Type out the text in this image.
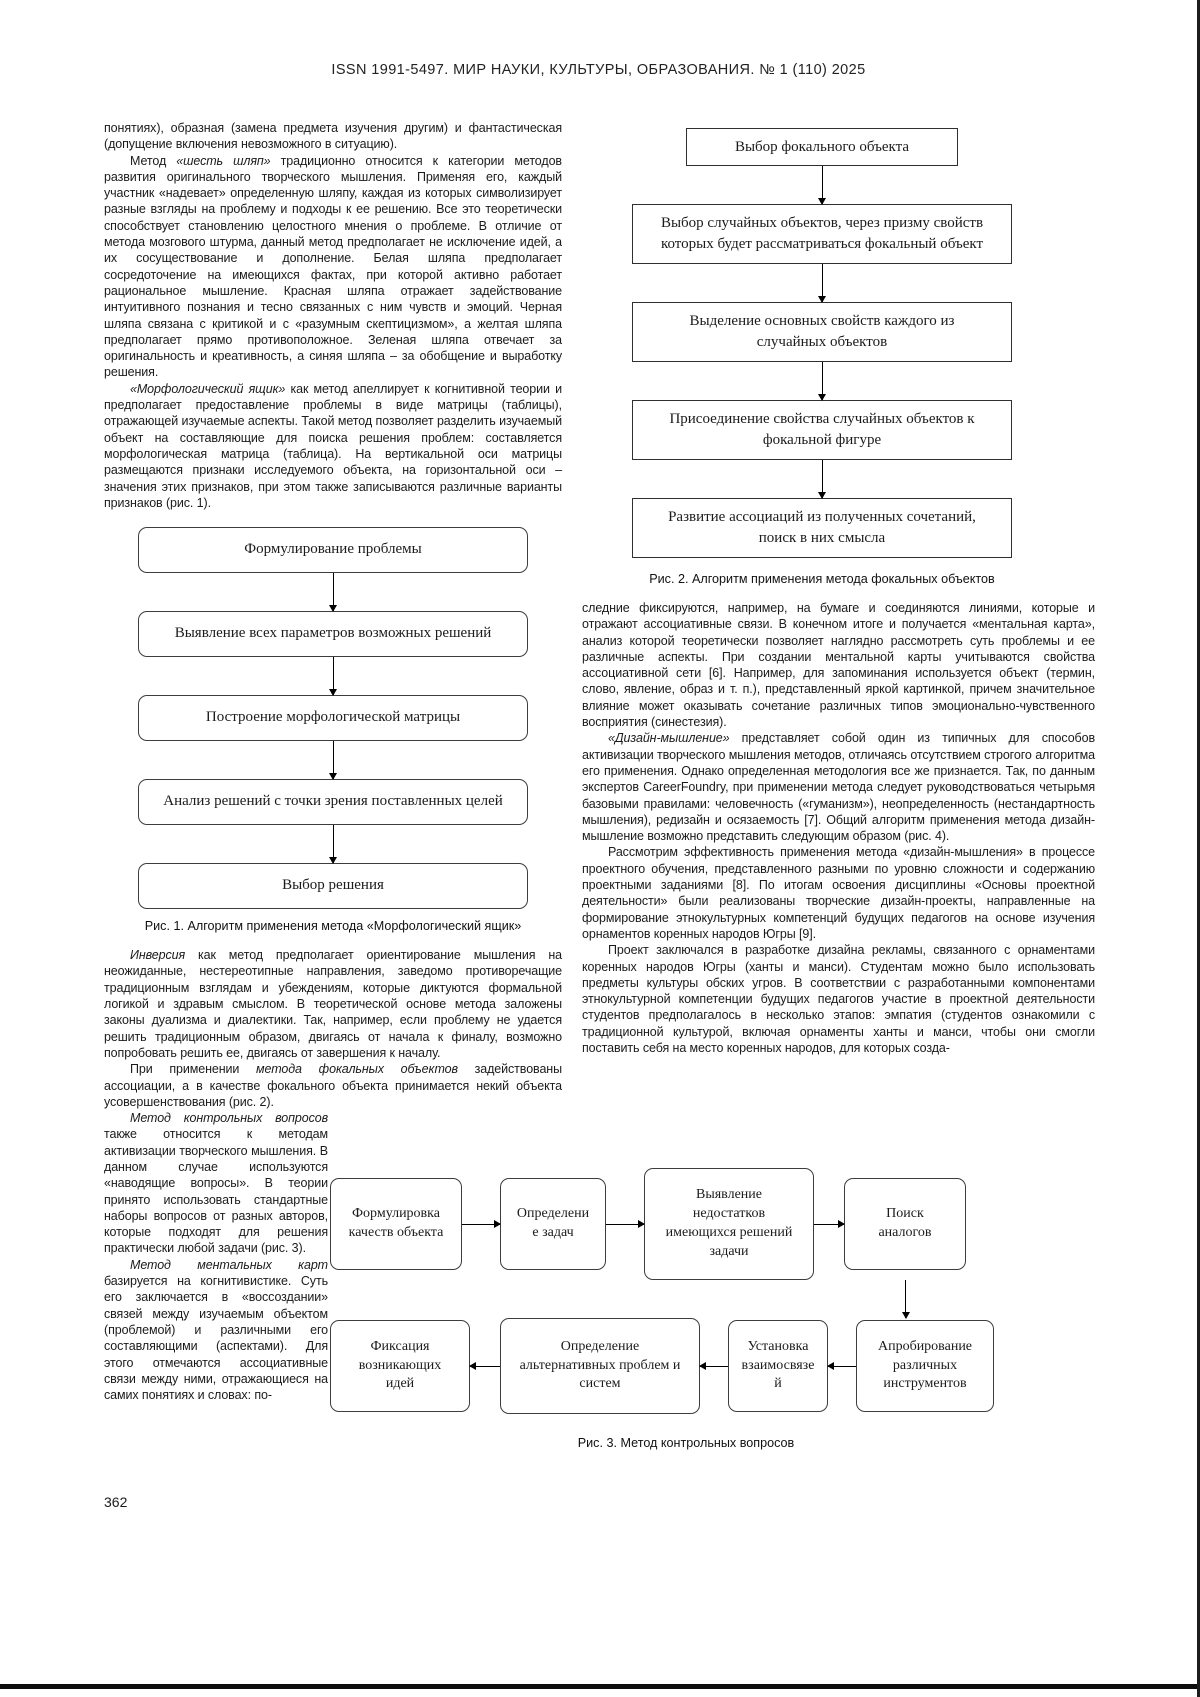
ISSN 1991-5497. МИР НАУКИ, КУЛЬТУРЫ, ОБРАЗОВАНИЯ. № 1 (110) 2025

понятиях), образная (замена предмета изучения другим) и фантастическая (допущение включения невозможного в ситуацию).

Метод «шесть шляп» традиционно относится к категории методов развития оригинального творческого мышления. Применяя его, каждый участник «надевает» определенную шляпу, каждая из которых символизирует разные взгляды на проблему и подходы к ее решению. Все это теоретически способствует становлению целостного мнения о проблеме. В отличие от метода мозгового штурма, данный метод предполагает не исключение идей, а их сосуществование и дополнение. Белая шляпа предполагает сосредоточение на имеющихся фактах, при которой активно работает рациональное мышление. Красная шляпа отражает задействование интуитивного познания и тесно связанных с ним чувств и эмоций. Черная шляпа связана с критикой и с «разумным скептицизмом», а желтая шляпа предполагает прямо противоположное. Зеленая шляпа отвечает за оригинальность и креативность, а синяя шляпа – за обобщение и выработку решения.

«Морфологический ящик» как метод апеллирует к когнитивной теории и предполагает предоставление проблемы в виде матрицы (таблицы), отражающей изучаемые аспекты. Такой метод позволяет разделить изучаемый объект на составляющие для поиска решения проблем: составляется морфологическая матрица (таблица). На вертикальной оси матрицы размещаются признаки исследуемого объекта, на горизонтальной оси – значения этих признаков, при этом также записываются различные варианты признаков (рис. 1).

Формулирование проблемы
Выявление всех параметров возможных решений
Построение морфологической матрицы
Анализ решений с точки зрения поставленных целей
Выбор решения
Рис. 1. Алгоритм применения метода «Морфологический ящик»

Инверсия как метод предполагает ориентирование мышления на неожиданные, нестереотипные направления, заведомо противоречащие традиционным взглядам и убеждениям, которые диктуются формальной логикой и здравым смыслом. В теоретической основе метода заложены законы дуализма и диалектики. Так, например, если проблему не удается решить традиционным образом, двигаясь от начала к финалу, возможно попробовать решить ее, двигаясь от завершения к началу.

При применении метода фокальных объектов задействованы ассоциации, а в качестве фокального объекта принимается некий объекта усовершенствования (рис. 2).

Метод контрольных вопросов также относится к методам активизации творческого мышления. В данном случае используются «наводящие вопросы». В теории принято использовать стандартные наборы вопросов от разных авторов, которые подходят для решения практически любой задачи (рис. 3).

Метод ментальных карт базируется на когнитивистике. Суть его заключается в «воссоздании» связей между изучаемым объектом (проблемой) и различными его составляющими (аспектами). Для этого отмечаются ассоциативные связи между ними, отражающиеся на самих понятиях и словах: по-

Выбор фокального объекта
Выбор случайных объектов, через призму свойств
которых будет рассматриваться фокальный объект
Выделение основных свойств каждого из
случайных объектов
Присоединение свойства случайных объектов к
фокальной фигуре
Развитие ассоциаций из полученных сочетаний,
поиск в них смысла
Рис. 2. Алгоритм применения метода фокальных объектов

следние фиксируются, например, на бумаге и соединяются линиями, которые и отражают ассоциативные связи. В конечном итоге и получается «ментальная карта», анализ которой теоретически позволяет наглядно рассмотреть суть проблемы и ее различные аспекты. При создании ментальной карты учитываются свойства ассоциативной сети [6]. Например, для запоминания используется объект (термин, слово, явление, образ и т. п.), представленный яркой картинкой, причем значительное влияние может оказывать сочетание различных типов эмоционально-чувственного восприятия (синестезия).

«Дизайн-мышление» представляет собой один из типичных для способов активизации творческого мышления методов, отличаясь отсутствием строгого алгоритма его применения. Однако определенная методология все же признается. Так, по данным экспертов CareerFoundry, при применении метода следует руководствоваться четырьмя базовыми правилами: человечность («гуманизм»), неопределенность (нестандартность мышления), редизайн и осязаемость [7]. Общий алгоритм применения метода дизайн-мышление возможно представить следующим образом (рис. 4).

Рассмотрим эффективность применения метода «дизайн-мышления» в процессе проектного обучения, представленного разными по уровню сложности и содержанию проектными заданиями [8]. По итогам освоения дисциплины «Основы проектной деятельности» были реализованы творческие дизайн-проекты, направленные на формирование этнокультурных компетенций будущих педагогов на основе изучения орнаментов коренных народов Югры [9].

Проект заключался в разработке дизайна рекламы, связанного с орнаментами коренных народов Югры (ханты и манси). Студентам можно было использовать предметы культуры обских угров. В соответствии с разработанными компонентами этнокультурной компетенции будущих педагогов участие в проектной деятельности студентов предполагалось в несколько этапов: эмпатия (студентов ознакомили с традиционной культурой, включая орнаменты ханты и манси, чтобы они смогли поставить себя на место коренных народов, для которых созда-

Формулировка
качеств объекта
Определени
е задач
Выявление
недостатков
имеющихся решений
задачи
Поиск
аналогов
Фиксация
возникающих
идей
Определение
альтернативных проблем и
систем
Установка
взаимосвязе
й
Апробирование
различных
инструментов
Рис. 3. Метод контрольных вопросов
362
